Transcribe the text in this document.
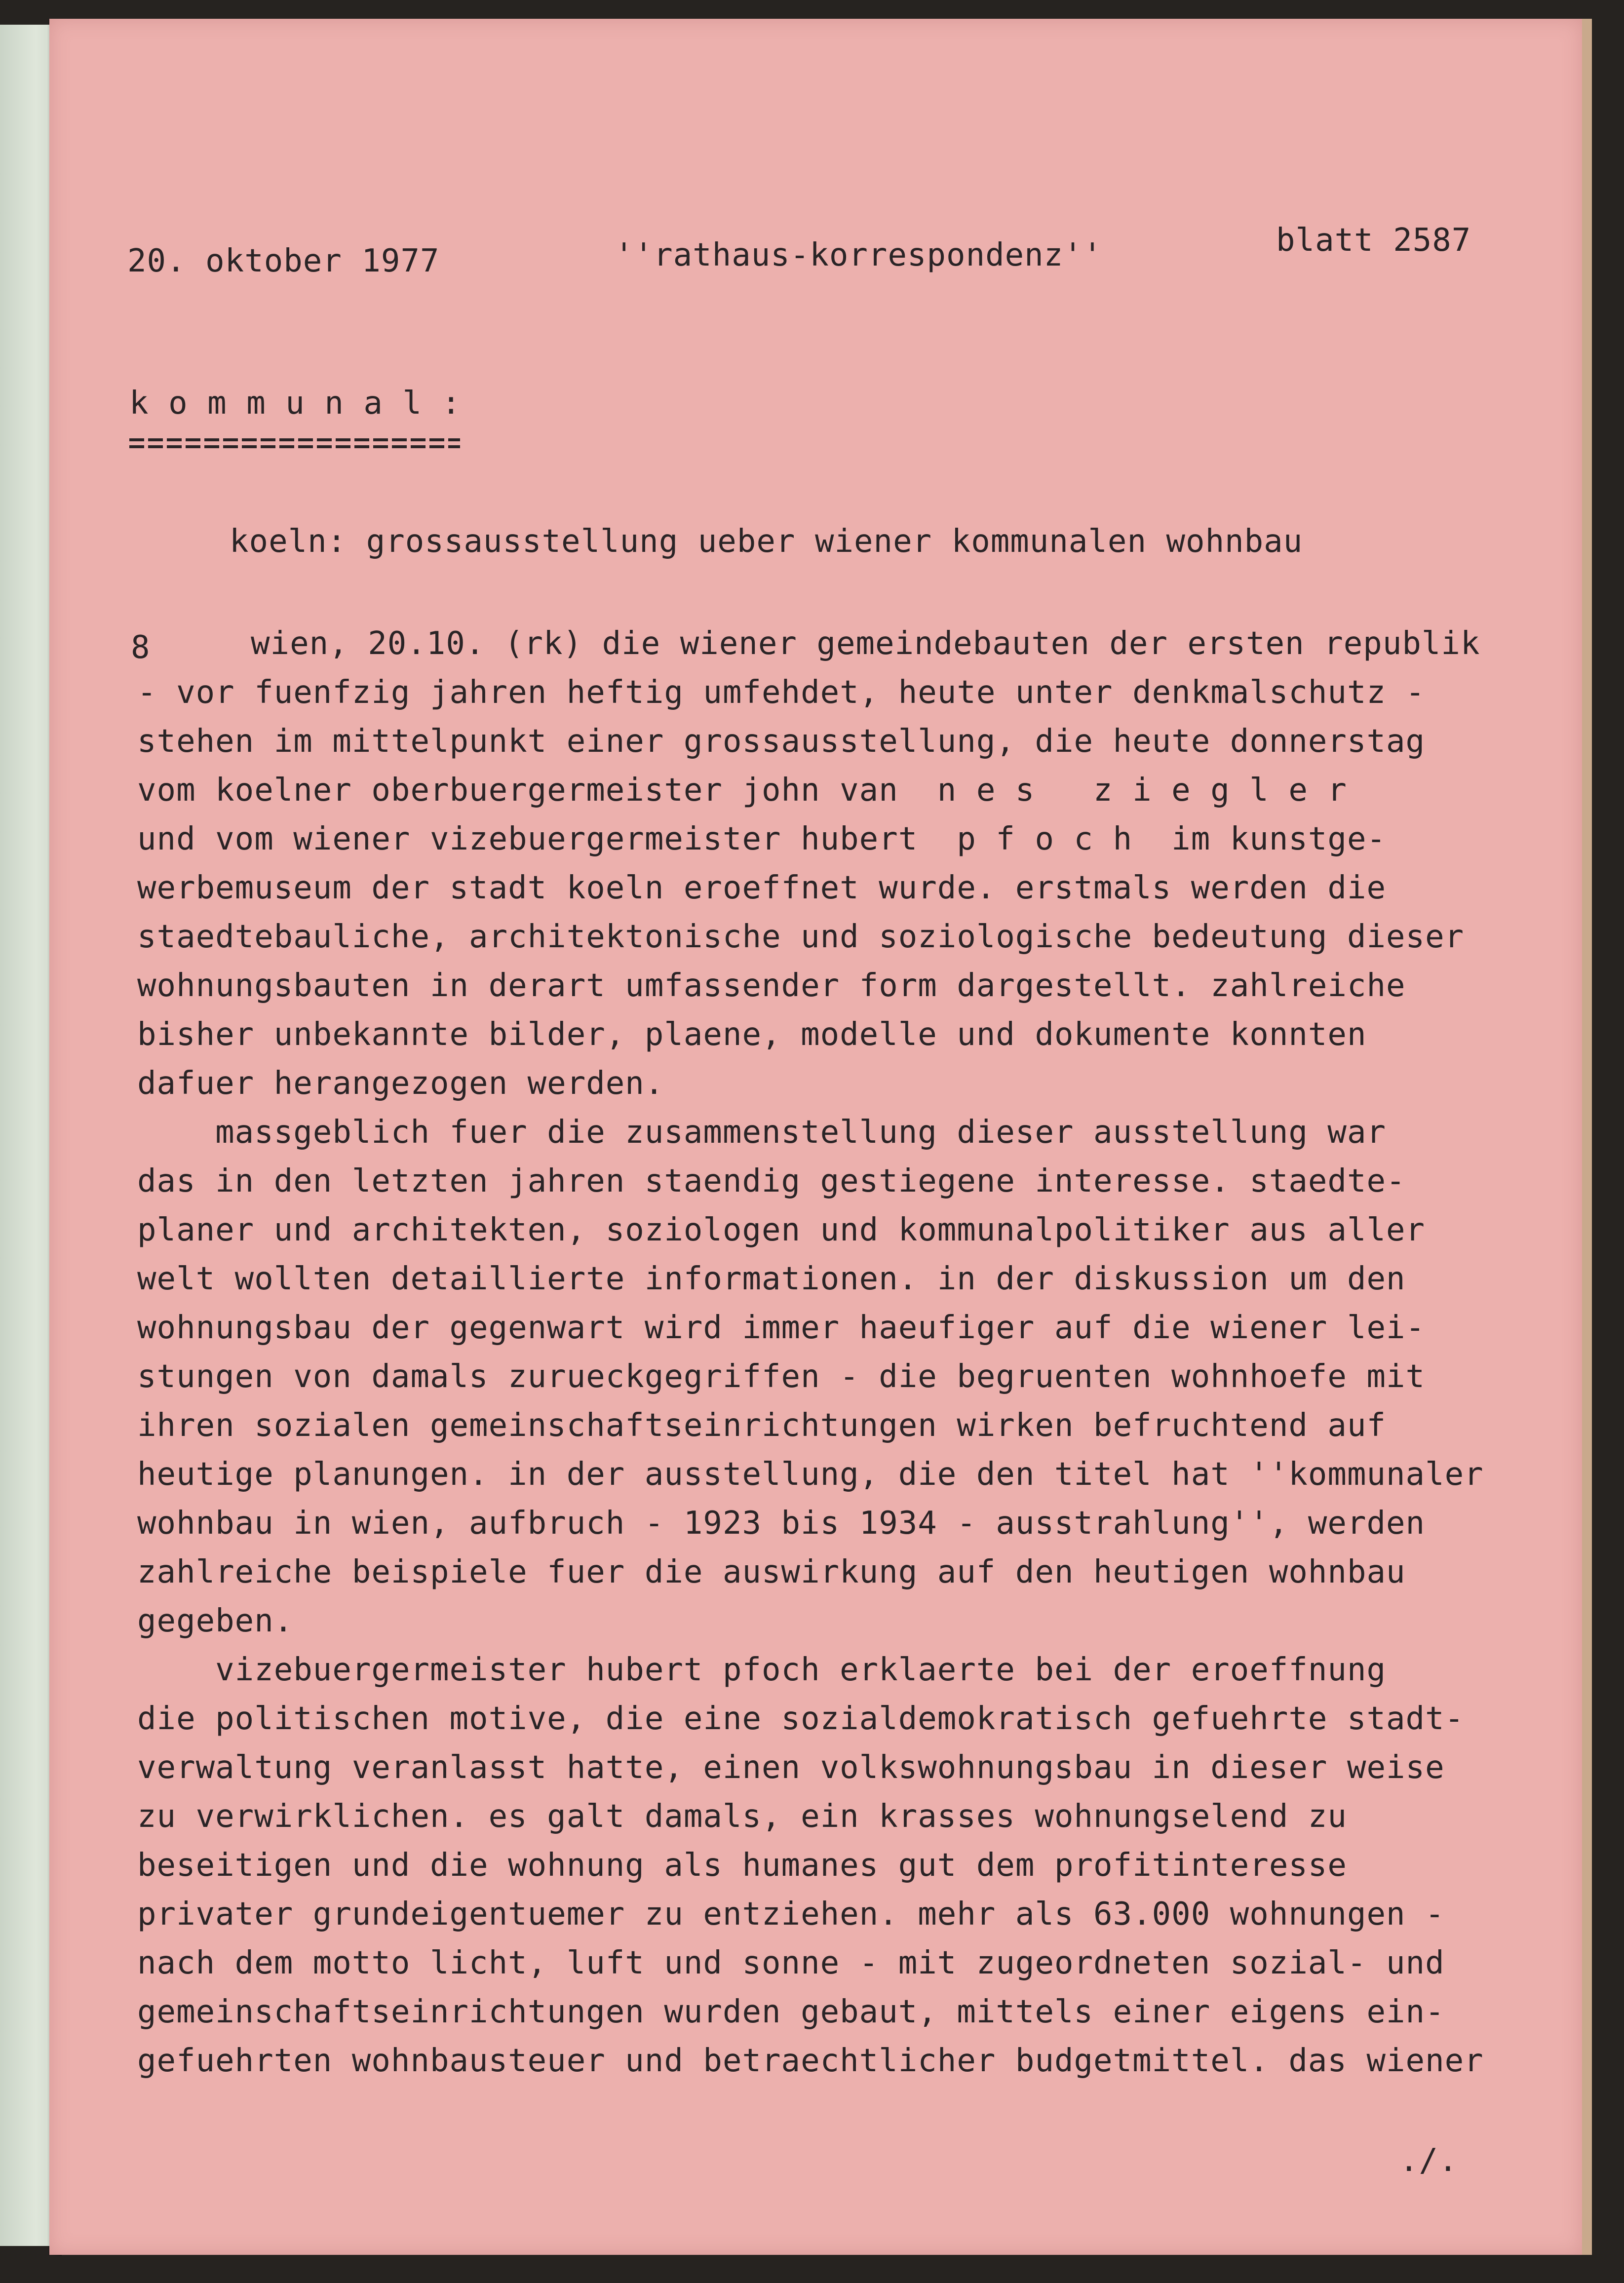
20. oktober 1977	''rathaus-korrespondenz''	blatt 2587
k o m m u n a l :
koeln: grossausstellung ueber wiener kommunalen wohnbau
8	wien, 20.10. (rk) die wiener gemeindebauten der ersten republik
- vor fuenfzig jahren heftig umfehdet, heute unter denkmalschutz -
stehen im mittelpunkt einer grossausstellung, die heute donnerstag
vom koelner oberbuergermeister john van  n e s   z i e g l e r
und vom wiener vizebuergermeister hubert  p f o c h  im kunstge-
werbemuseum der stadt koeln eroeffnet wurde. erstmals werden die
staedtebauliche, architektonische und soziologische bedeutung dieser
wohnungsbauten in derart umfassender form dargestellt. zahlreiche
bisher unbekannte bilder, plaene, modelle und dokumente konnten
dafuer herangezogen werden.
massgeblich fuer die zusammenstellung dieser ausstellung war
das in den letzten jahren staendig gestiegene interesse. staedte-
planer und architekten, soziologen und kommunalpolitiker aus aller
welt wollten detaillierte informationen. in der diskussion um den
wohnungsbau der gegenwart wird immer haeufiger auf die wiener lei-
stungen von damals zurueckgegriffen - die begruenten wohnhoefe mit
ihren sozialen gemeinschaftseinrichtungen wirken befruchtend auf
heutige planungen. in der ausstellung, die den titel hat ''kommunaler
wohnbau in wien, aufbruch - 1923 bis 1934 - ausstrahlung'', werden
zahlreiche beispiele fuer die auswirkung auf den heutigen wohnbau
gegeben.
vizebuergermeister hubert pfoch erklaerte bei der eroeffnung
die politischen motive, die eine sozialdemokratisch gefuehrte stadt-
verwaltung veranlasst hatte, einen volkswohnungsbau in dieser weise
zu verwirklichen. es galt damals, ein krasses wohnungselend zu
beseitigen und die wohnung als humanes gut dem profitinteresse
privater grundeigentuemer zu entziehen. mehr als 63.000 wohnungen -
nach dem motto licht, luft und sonne - mit zugeordneten sozial- und
gemeinschaftseinrichtungen wurden gebaut, mittels einer eigens ein-
gefuehrten wohnbausteuer und betraechtlicher budgetmittel. das wiener
./.
